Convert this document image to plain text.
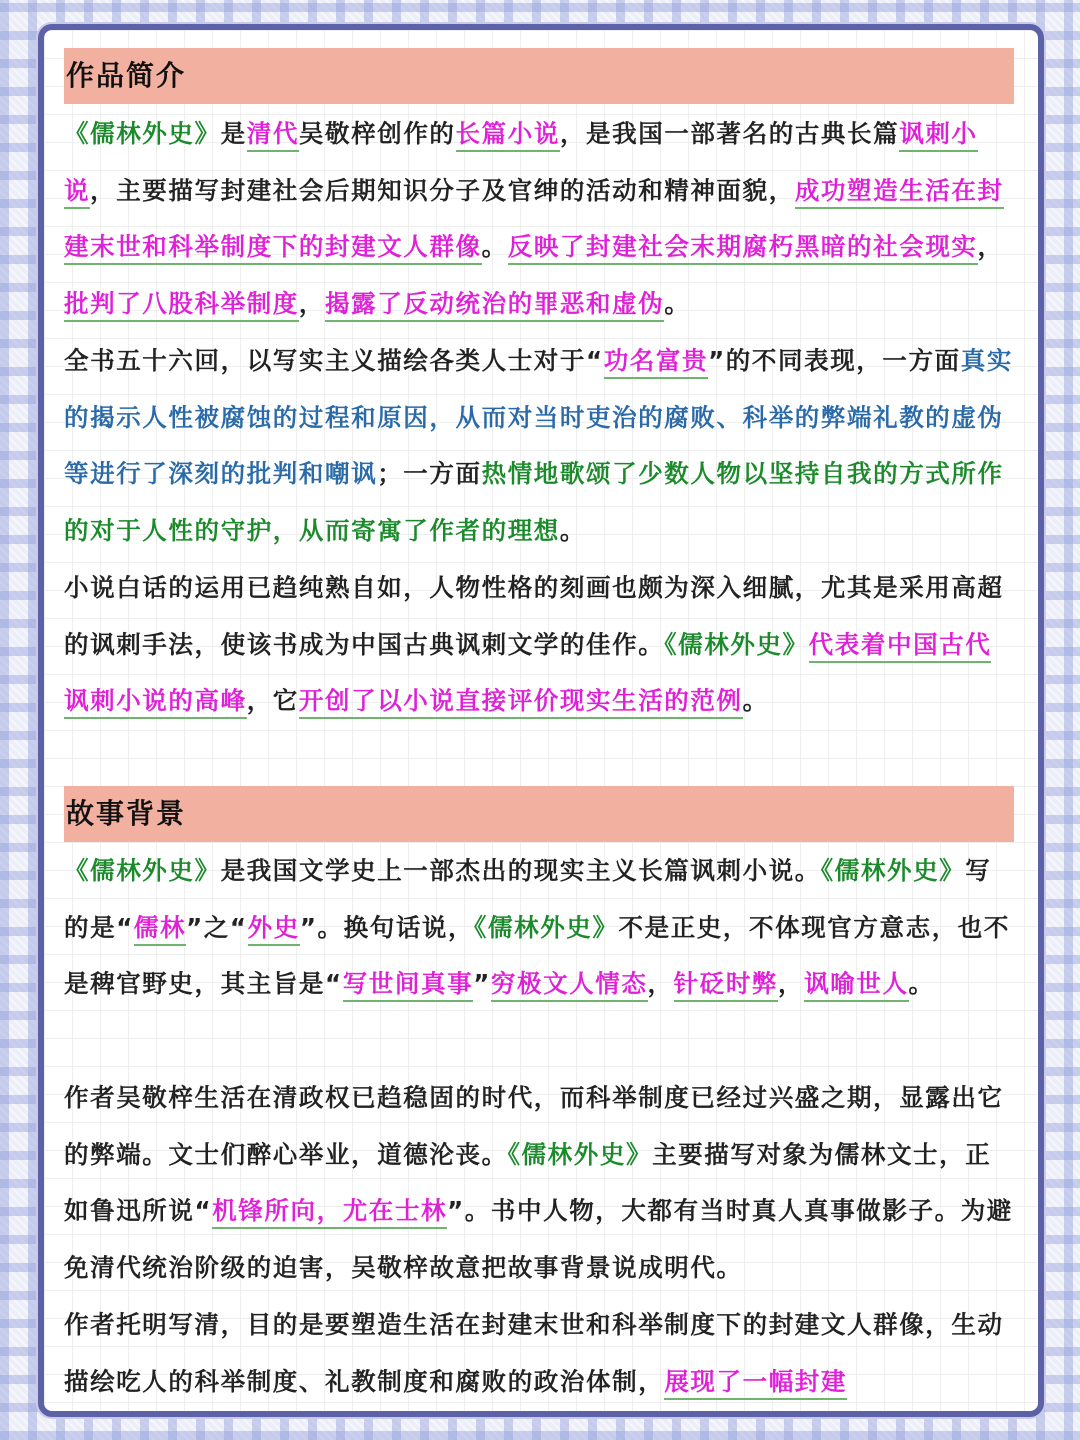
作品简介
《儒林外史》是清代吴敬梓创作的长篇小说，是我国一部著名的古典长篇讽刺小说，主要描写封建社会后期知识分子及官绅的活动和精神面貌，成功塑造生活在封建末世和科举制度下的封建文人群像。反映了封建社会末期腐朽黑暗的社会现实，批判了八股科举制度，揭露了反动统治的罪恶和虚伪。
全书五十六回，以写实主义描绘各类人士对于“功名富贵”的不同表现，一方面真实的揭示人性被腐蚀的过程和原因，从而对当时吏治的腐败、科举的弊端礼教的虚伪等进行了深刻的批判和嘲讽；一方面热情地歌颂了少数人物以坚持自我的方式所作的对于人性的守护，从而寄寓了作者的理想。
小说白话的运用已趋纯熟自如，人物性格的刻画也颇为深入细腻，尤其是采用高超的讽刺手法，使该书成为中国古典讽刺文学的佳作。《儒林外史》代表着中国古代讽刺小说的高峰，它开创了以小说直接评价现实生活的范例。
故事背景
《儒林外史》是我国文学史上一部杰出的现实主义长篇讽刺小说。《儒林外史》写的是“儒林”之“外史”。换句话说，《儒林外史》不是正史，不体现官方意志，也不是稗官野史，其主旨是“写世间真事”穷极文人情态，针砭时弊，讽喻世人。
作者吴敬梓生活在清政权已趋稳固的时代，而科举制度已经过兴盛之期，显露出它的弊端。文士们醉心举业，道德沦丧。《儒林外史》主要描写对象为儒林文士，正如鲁迅所说“机锋所向，尤在士林”。书中人物，大都有当时真人真事做影子。为避免清代统治阶级的迫害，吴敬梓故意把故事背景说成明代。
作者托明写清，目的是要塑造生活在封建末世和科举制度下的封建文人群像，生动描绘吃人的科举制度、礼教制度和腐败的政治体制，展现了一幅封建
